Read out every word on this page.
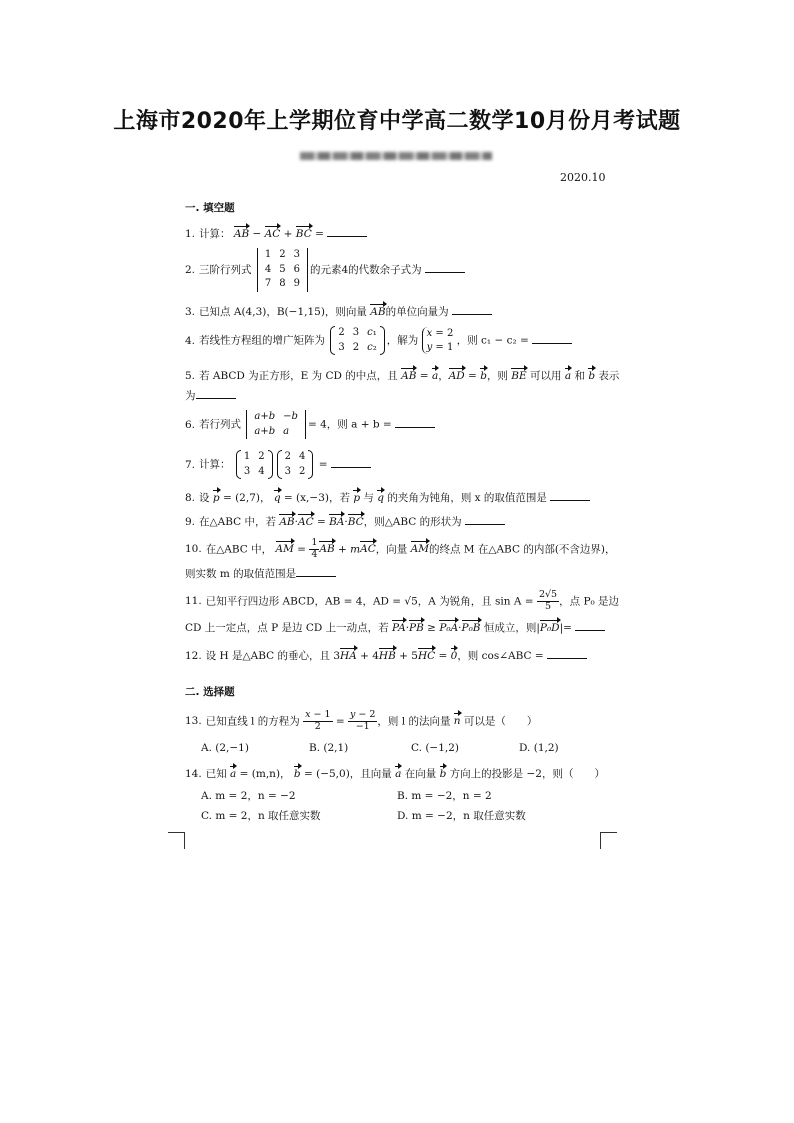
上海市2020年上学期位育中学高二数学10月份月考试题
2020.10
一. 填空题
1. 计算： AB − AC + BC =
2. 三阶行列式
1	2	3
4	5	6
7	8	9
的元素4的代数余子式为
3. 已知点 A(4,3)，B(−1,15)，则向量 AB的单位向量为
4. 若线性方程组的增广矩阵为
2	3	c₁
3	2	c₂
，解为 x = 2
y = 1 ，则 c₁ − c₂ =
5. 若 ABCD 为正方形，E 为 CD 的中点，且 AB = a，AD = b，则 BE 可以用 a 和 b 表示
为
6. 若行列式
a+b	−b
a+b	a
= 4，则 a + b =
7. 计算：
1	2
3	4
2	4
3	2
=
8. 设 p = (2,7)， q = (x,−3)，若 p 与 q 的夹角为钝角，则 x 的取值范围是
9. 在△ABC 中，若 AB·AC = BA·BC，则△ABC 的形状为
10. 在△ABC 中， AM = $\frac{1}{4}$ AB + mAC，向量 AM的终点 M 在△ABC 的内部(不含边界)，
则实数 m 的取值范围是
11. 已知平行四边形 ABCD，AB = 4，AD = √5，A 为锐角，且 $\sin A = \frac{2√5}{5}$ ，点 P₀ 是边
CD 上一定点，点 P 是边 CD 上一动点，若 PA·PB ≥ P₀A·P₀B 恒成立，则|P₀D|=
12. 设 H 是△ABC 的垂心，且 3HA + 4HB + 5HC = 0，则 cos∠ABC =
二. 选择题
13. 已知直线 l 的方程为 $\frac{x - 1}{2} = \frac{y - 2}{-1}$ ，则 l 的法向量 n 可以是（　　）
A. (2,−1)	B. (2,1)	C. (−1,2)	D. (1,2)
14. 已知 a = (m,n)， b = (−5,0)，且向量 a 在向量 b 方向上的投影是 −2，则（　　）
A. m = 2，n = −2	B. m = −2，n = 2
C. m = 2，n 取任意实数	D. m = −2，n 取任意实数
